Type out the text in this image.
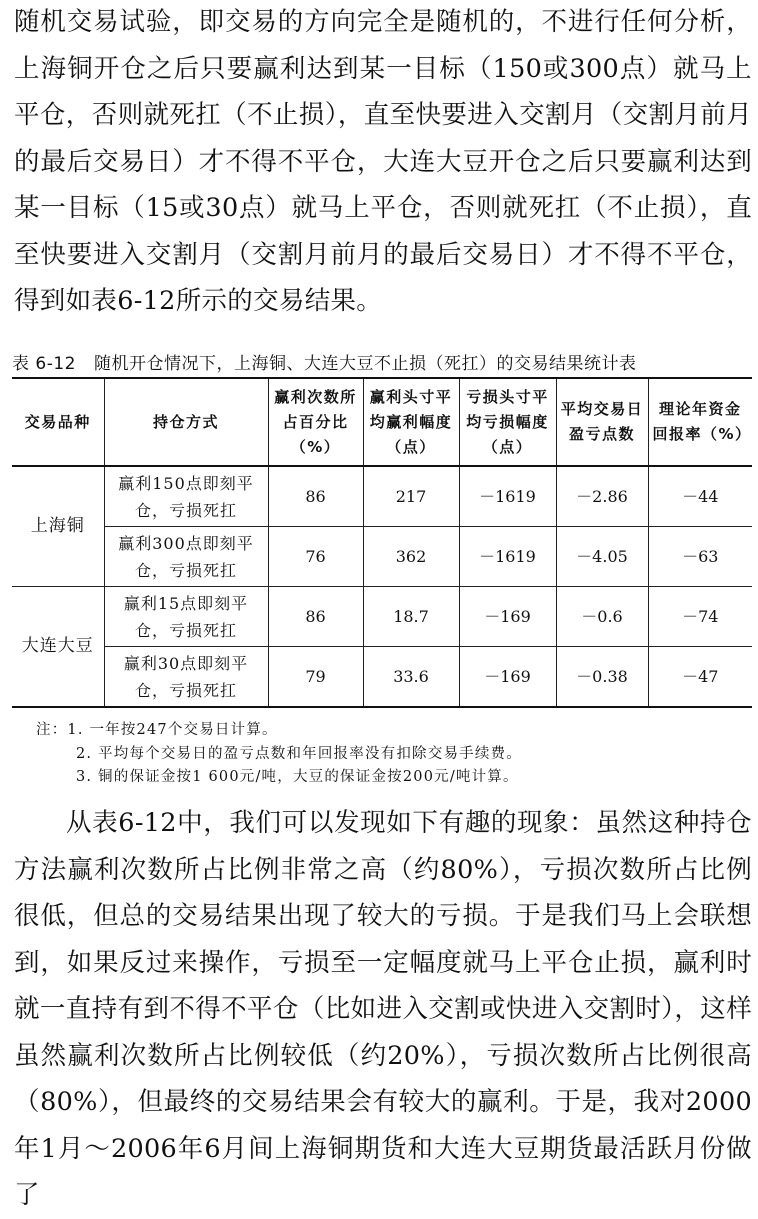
随机交易试验，即交易的方向完全是随机的，不进行任何分析，上海铜开仓之后只要赢利达到某一目标（150或300点）就马上平仓，否则就死扛（不止损），直至快要进入交割月（交割月前月的最后交易日）才不得不平仓，大连大豆开仓之后只要赢利达到某一目标（15或30点）就马上平仓，否则就死扛（不止损），直至快要进入交割月（交割月前月的最后交易日）才不得不平仓，得到如表6-12所示的交易结果。

表 6-12 随机开仓情况下，上海铜、大连大豆不止损（死扛）的交易结果统计表
交易品种	持仓方式	赢利次数所占百分比（%）	赢利头寸平均赢利幅度（点）	亏损头寸平均亏损幅度（点）	平均交易日盈亏点数	理论年资金回报率（%）
上海铜	赢利150点即刻平仓，亏损死扛	86	217	－1619	－2.86	－44
	赢利300点即刻平仓，亏损死扛	76	362	－1619	－4.05	－63
大连大豆	赢利15点即刻平仓，亏损死扛	86	18.7	－169	－0.6	－74
	赢利30点即刻平仓，亏损死扛	79	33.6	－169	－0.38	－47
注：1. 一年按247个交易日计算。
2. 平均每个交易日的盈亏点数和年回报率没有扣除交易手续费。
3. 铜的保证金按1 600元/吨，大豆的保证金按200元/吨计算。

从表6-12中，我们可以发现如下有趣的现象：虽然这种持仓方法赢利次数所占比例非常之高（约80%），亏损次数所占比例很低，但总的交易结果出现了较大的亏损。于是我们马上会联想到，如果反过来操作，亏损至一定幅度就马上平仓止损，赢利时就一直持有到不得不平仓（比如进入交割或快进入交割时），这样虽然赢利次数所占比例较低（约20%），亏损次数所占比例很高（80%），但最终的交易结果会有较大的赢利。于是，我对2000年1月～2006年6月间上海铜期货和大连大豆期货最活跃月份做了
